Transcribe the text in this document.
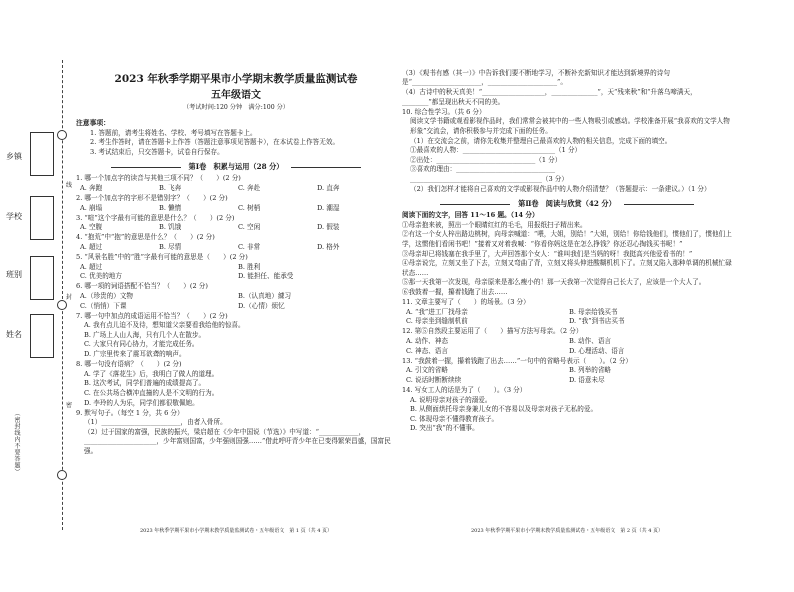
乡镇
学校
班别
姓名
（密封线内不要答题）
线
封
密
2023 年秋季学期平果市小学期末教学质量监测试卷
五年级语文
（考试时间:120 分钟　满分:100 分）
注意事项：
1. 答题前，请考生将姓名、学校、考号填写在答题卡上。
2. 考生作答时，请在答题卡上作答（答题注意事项见答题卡），在本试卷上作答无效。
3. 考试结束后，只交答题卡，试卷自行保存。
第Ⅰ卷　积累与运用（28 分）
1. 哪一个加点字的读音与其他三项不同？（　　）(2 分)
A. 奔跑	B. 飞奔	C. 奔赴	D. 直奔
2. 哪一个加点字的字形不是错别字？（　　）(2 分)
A. 崩塌	B. 懒惰	C. 树梢	D. 潮湿
3. “喧”这个字最有可能的意思是什么？（　　）(2 分)
A. 空腹	B. 饥饿	C. 空闲	D. 假装
4. “抱荒”中“抱”的意思是什么？（　　）(2 分)
A. 超过	B. 尽情	C. 非常	D. 格外
5. “风景名胜”中的“胜”字最有可能的意思是（　　）(2 分)
A. 超过	B. 胜利
C. 优美的地方	D. 能担任、能承受
6. 哪一项的词语搭配不恰当？（　　）(2 分)
A.（珍贵的）文物	B.（认真地）練习
C.（悄悄）下课	D.（心情）烦忆
7. 哪一句中加点的成语运用不恰当？（　　）(2 分)
A. 我有点儿迫不及待，想知道父亲要看我给他的惊喜。
B. 广场上人山人海，只有几个人在散步。
C. 大家只有同心协力，才能完成任务。
D. 广宗里传来了震耳欲聋的响声。
8. 哪一句没有语病？（　　）(2 分)
A. 学了《落花生》后，我明白了做人的道理。
B. 这次考试，同学们普遍的成绩提高了。
C. 在公共场合横冲直撞的人是不文明的行为。
D. 李玲的人为乐，同学们都很敬佩她。
9. 默写句子。（每空 1 分，共 6 分）
（1）________________________，由者入骨所。
（2）过于国家的富强，民族的振兴，梁启超在《少年中国说（节选）》中写道：“____________，______________________，少年富则国富，少年强则国强……”借此呼吁青少年在已变得繁荣昌盛，国富民强。
（3）《观书有感（其一）》中告诉我们要不断地学习，不断补充新知识才能达到新境界的诗句是“_____________________，_____________________”。
（4）古诗中的秋天真美！“___________________，______________”，天“残来秋”和“升落乌啼满天，________”都呈现出秋天不同的美。
10. 综合性学习。（共 6 分）
阅读文学书籍或观看影视作品时，我们常常会被其中的一些人物吸引或感动。学校准备开展“我喜欢的文学人物形象”交流会，请你积极参与并完成下面的任务。
（1）在交流会之前，请你先收集并整理自己最喜欢的人物的相关信息，完成下面的填空。
①最喜欢的人物：____________________________（1 分）
②出处：______________________________（1 分）
③喜欢的理由：______________________________
________________________________________（3 分）
（2）我们怎样才能将自己喜欢的文学或影视作品中的人物介绍清楚？（答题提示：一条建议。）（1 分）
第Ⅱ卷　阅读与欣赏（42 分）
阅读下面的文字，回答 11～16 题。（14 分）
①母亲抱来被，照出一个眼睛红红的毛毛，用报纸扫子精出来。
②有这一个女人梓出路边桃树，向母亲喊道：“喂，大姐，别给！”大姐，别给！你给钱他们，惯他们了，惯他们上学，这惯他们看闲书吧！”接着又对着我喊：“你看你妈这是在怎么挣钱？你还忍心掏钱买书呢！”
③母亲却已将钱塞在我手里了，大声回答那个女人：“谁叫我们是当妈的呀！我挺高兴他爱看书的！”
④母亲说完，立刻又坐了下去，立刻又弯曲了背，立刻又将头伸进酸糊机机下了。立刻又陷入那种单调的机械忙碌状态……
⑤那一天我第一次发现，母亲原来是那么瘦小的！那一天我第一次觉得自己长大了，应该是一个大人了。
⑥我鼓着一握，攥着钱跑了出去……
11. 文章主要写了（　　）的场景。（3 分）
A. “我”进工厂找母亲	B. 母亲给钱买书
C. 母亲坐到缝制机前	D. “我”到书店买书
12. 第⑤自然段主要运用了（　　）描写方法写母亲。（2 分）
A. 动作、神态	B. 动作、语言
C. 神态、语言	D. 心理活动、语言
13. “我鼓着一握，攥着钱跑了出去……”一句中的省略号表示（　　）。（2 分）
A. 引文的省略	B. 列举的省略
C. 说话时断断续续	D. 语意未尽
14. 写女工人的话是为了（　　）。（3 分）
A. 说明母亲对孩子的溺爱。
B. 从侧面烘托母亲身兼儿女的不容易以及母亲对孩子无私的爱。
C. 体现母亲不懂得教育孩子。
D. 突出“我”的不懂事。
2023 年秋季学期平果市小学期末教学质量监测试卷・五年级语文　第 1 页（共 4 页）	2023 年秋季学期平果市小学期末教学质量监测试卷・五年级语文　第 2 页（共 4 页）
